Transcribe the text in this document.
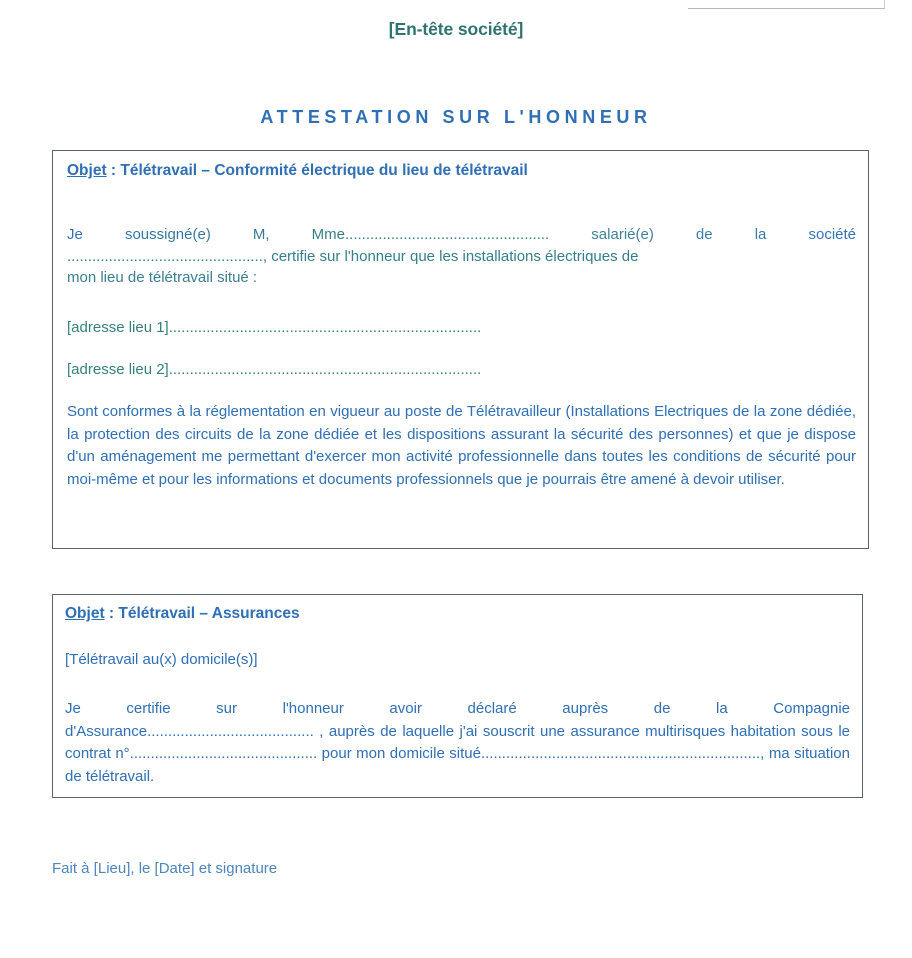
[En-tête société]
ATTESTATION SUR L'HONNEUR
Objet : Télétravail – Conformité électrique du lieu de télétravail
Je soussigné(e) M, Mme................................................. salarié(e) de la société
..............................................., certifie sur l'honneur que les installations électriques de
mon lieu de télétravail situé :
[adresse lieu 1]...........................................................................
[adresse lieu 2]...........................................................................
Sont conformes à la réglementation en vigueur au poste de Télétravailleur (Installations Electriques de la zone dédiée, la protection des circuits de la zone dédiée et les dispositions assurant la sécurité des personnes) et que je dispose d'un aménagement me permettant d'exercer mon activité professionnelle dans toutes les conditions de sécurité pour moi-même et pour les informations et documents professionnels que je pourrais être amené à devoir utiliser.
Objet : Télétravail – Assurances
[Télétravail au(x) domicile(s)]
Je certifie sur l'honneur avoir déclaré auprès de la Compagnie
d'Assurance........................................ , auprès de laquelle j'ai souscrit une assurance multirisques habitation sous le contrat n°............................................. pour mon domicile situé..................................................................., ma situation de télétravail.
Fait à [Lieu], le [Date] et signature
